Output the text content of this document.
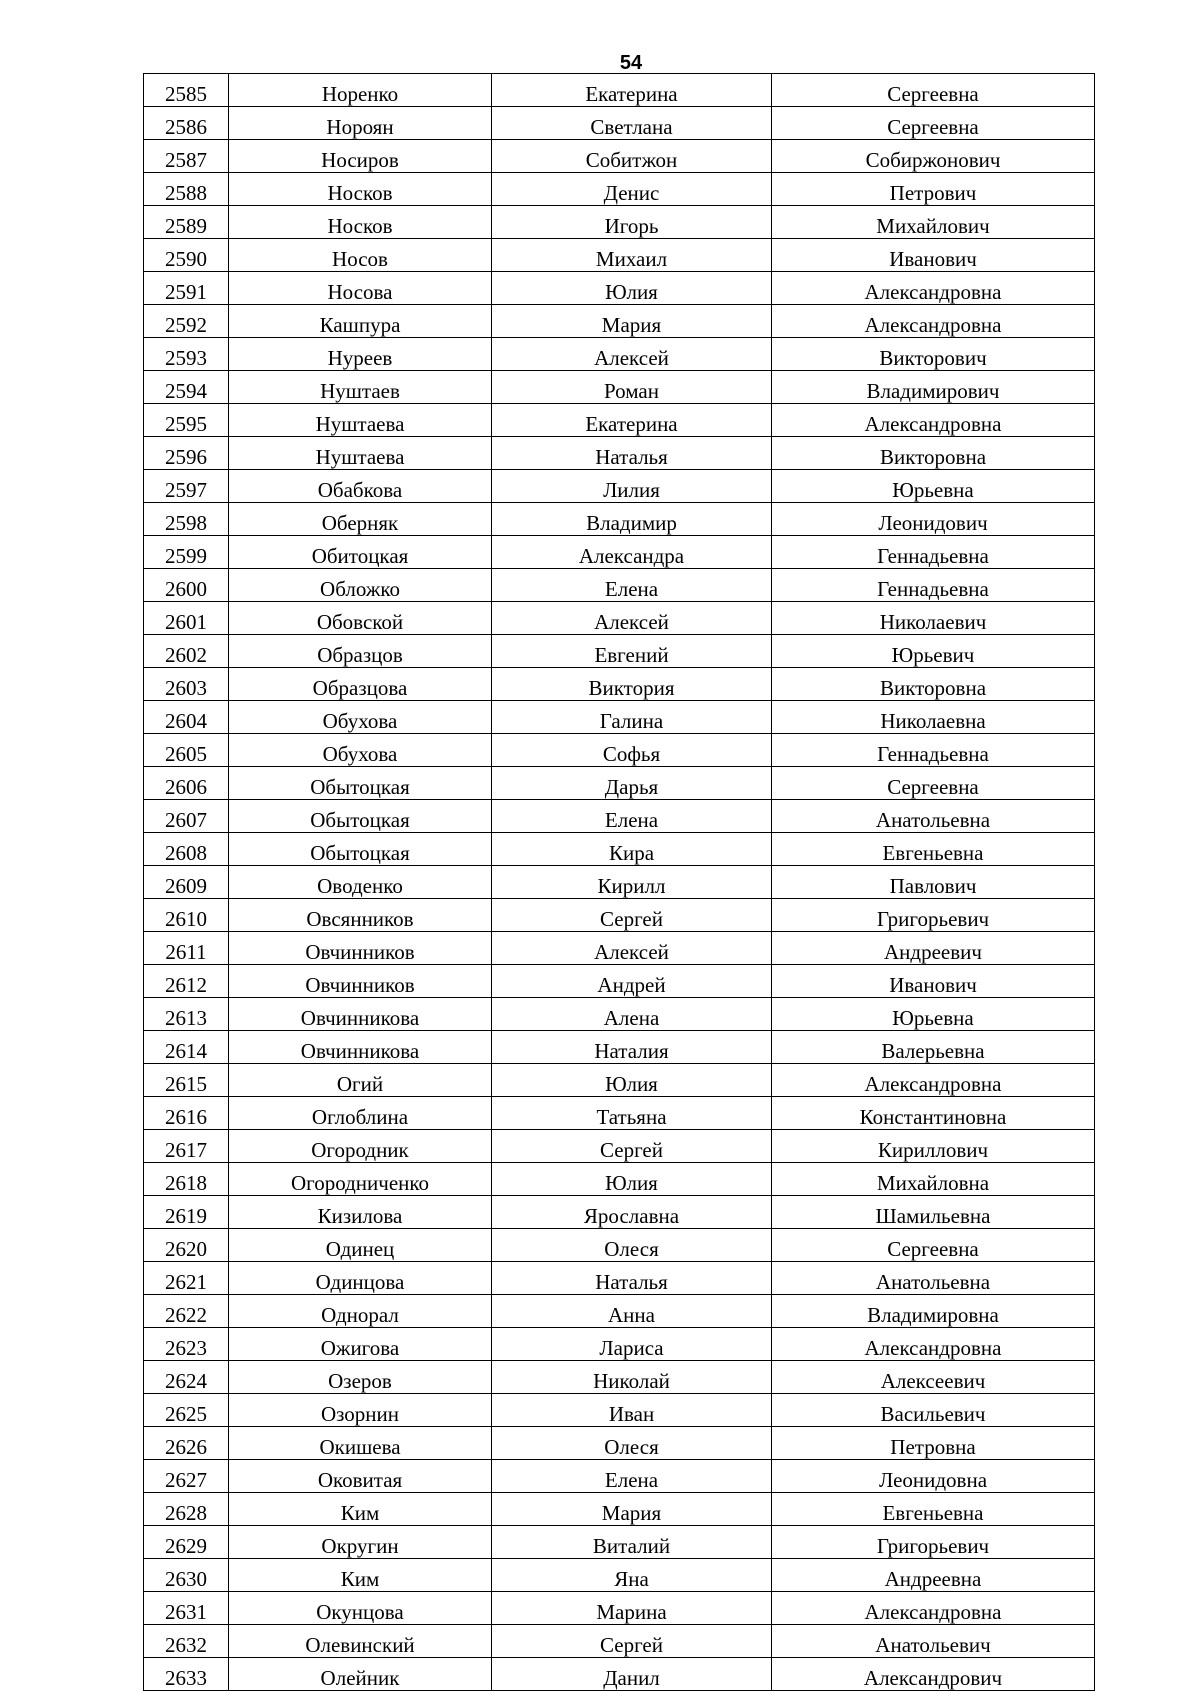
54
2585	Норенко	Екатерина	Сергеевна
2586	Нороян	Светлана	Сергеевна
2587	Носиров	Собитжон	Собиржонович
2588	Носков	Денис	Петрович
2589	Носков	Игорь	Михайлович
2590	Носов	Михаил	Иванович
2591	Носова	Юлия	Александровна
2592	Кашпура	Мария	Александровна
2593	Нуреев	Алексей	Викторович
2594	Нуштаев	Роман	Владимирович
2595	Нуштаева	Екатерина	Александровна
2596	Нуштаева	Наталья	Викторовна
2597	Обабкова	Лилия	Юрьевна
2598	Оберняк	Владимир	Леонидович
2599	Обитоцкая	Александра	Геннадьевна
2600	Обложко	Елена	Геннадьевна
2601	Обовской	Алексей	Николаевич
2602	Образцов	Евгений	Юрьевич
2603	Образцова	Виктория	Викторовна
2604	Обухова	Галина	Николаевна
2605	Обухова	Софья	Геннадьевна
2606	Обытоцкая	Дарья	Сергеевна
2607	Обытоцкая	Елена	Анатольевна
2608	Обытоцкая	Кира	Евгеньевна
2609	Оводенко	Кирилл	Павлович
2610	Овсянников	Сергей	Григорьевич
2611	Овчинников	Алексей	Андреевич
2612	Овчинников	Андрей	Иванович
2613	Овчинникова	Алена	Юрьевна
2614	Овчинникова	Наталия	Валерьевна
2615	Огий	Юлия	Александровна
2616	Оглоблина	Татьяна	Константиновна
2617	Огородник	Сергей	Кириллович
2618	Огородниченко	Юлия	Михайловна
2619	Кизилова	Ярославна	Шамильевна
2620	Одинец	Олеся	Сергеевна
2621	Одинцова	Наталья	Анатольевна
2622	Однорал	Анна	Владимировна
2623	Ожигова	Лариса	Александровна
2624	Озеров	Николай	Алексеевич
2625	Озорнин	Иван	Васильевич
2626	Окишева	Олеся	Петровна
2627	Оковитая	Елена	Леонидовна
2628	Ким	Мария	Евгеньевна
2629	Округин	Виталий	Григорьевич
2630	Ким	Яна	Андреевна
2631	Окунцова	Марина	Александровна
2632	Олевинский	Сергей	Анатольевич
2633	Олейник	Данил	Александрович
